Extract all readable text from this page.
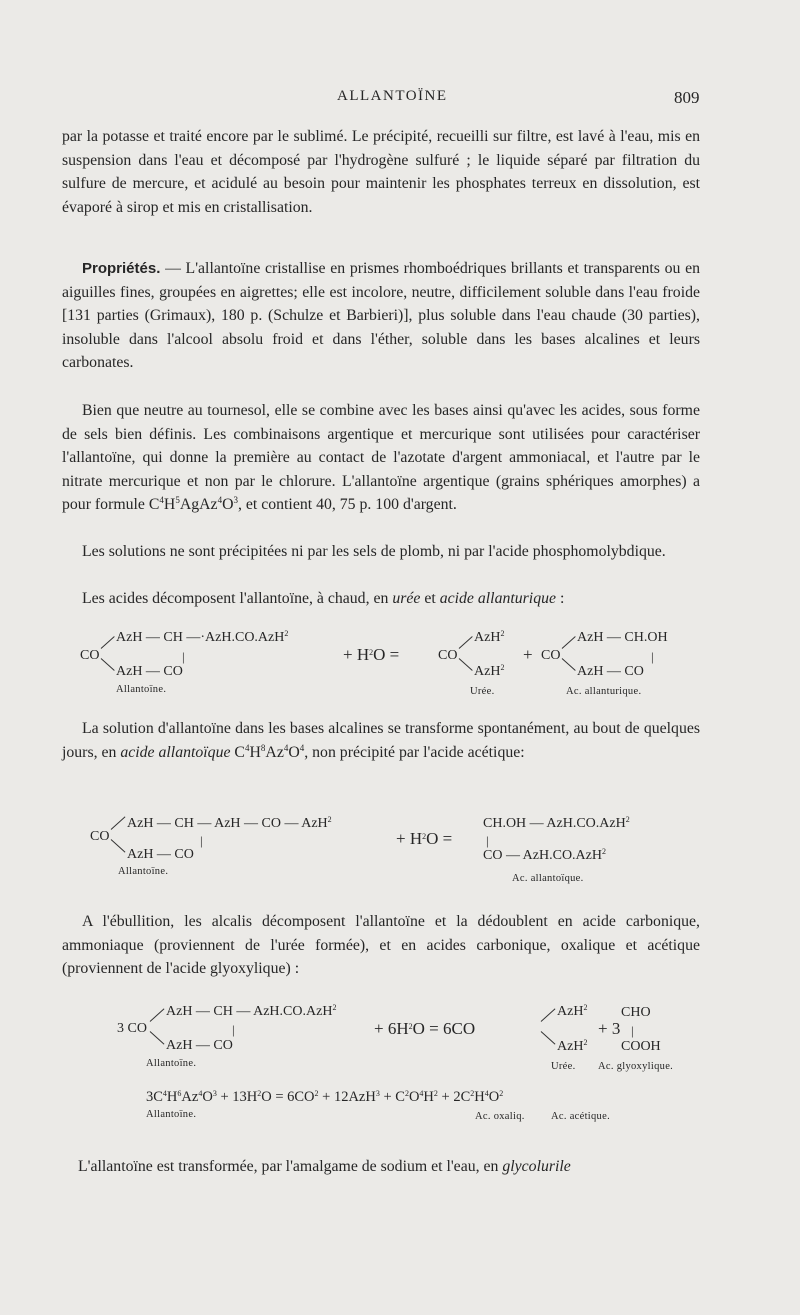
ALLANTOÏNE	809

par la potasse et traité encore par le sublimé. Le précipité, recueilli sur filtre, est lavé à l'eau, mis en suspension dans l'eau et décomposé par l'hydrogène sulfuré ; le liquide séparé par filtration du sulfure de mercure, et acidulé au besoin pour maintenir les phosphates terreux en dissolution, est évaporé à sirop et mis en cristallisation.

Propriétés. — L'allantoïne cristallise en prismes rhomboédriques brillants et transparents ou en aiguilles fines, groupées en aigrettes; elle est incolore, neutre, difficilement soluble dans l'eau froide [131 parties (Grimaux), 180 p. (Schulze et Barbieri)], plus soluble dans l'eau chaude (30 parties), insoluble dans l'alcool absolu froid et dans l'éther, soluble dans les bases alcalines et leurs carbonates.

Bien que neutre au tournesol, elle se combine avec les bases ainsi qu'avec les acides, sous forme de sels bien définis. Les combinaisons argentique et mercurique sont utilisées pour caractériser l'allantoïne, qui donne la première au contact de l'azotate d'argent ammoniacal, et l'autre par le nitrate mercurique et non par le chlorure. L'allantoïne argentique (grains sphériques amorphes) a pour formule $C^4H^5AgAz^4O^3$, et contient 40, 75 p. 100 d'argent.

Les solutions ne sont précipitées ni par les sels de plomb, ni par l'acide phosphomolybdique.

Les acides décomposent l'allantoïne, à chaud, en urée et acide allanturique :

CO
AzH — CH —·AzH.CO.AzH$^2$
|
AzH — CO
+ $H^2O$ =	CO
AzH$^2$
AzH$^2$
+ CO
AzH — CH.OH
|
AzH — CO
Allantoïne.	Urée.	Ac. allanturique.

La solution d'allantoïne dans les bases alcalines se transforme spontanément, au bout de quelques jours, en acide allantoïque $C^4H^8Az^4O^4$, non précipité par l'acide acétique:

CO
AzH — CH — AzH — CO — AzH$^2$
|
AzH — CO
+ $H^2O$ =
CH.OH — AzH.CO.AzH$^2$
|
CO — AzH.CO.AzH$^2$
Allantoïne.
Ac. allantoïque.

A l'ébullition, les alcalis décomposent l'allantoïne et la dédoublent en acide carbonique, ammoniaque (proviennent de l'urée formée), et en acides carbonique, oxalique et acétique (proviennent de l'acide glyoxylique) :

3 CO
AzH — CH — AzH.CO.AzH$^2$
|
AzH — CO
+ $6H^2O = 6CO$
AzH$^2$
AzH$^2$
CHO
+ 3 |
COOH
Allantoïne.	Urée. Ac. glyoxylique.
$3C^4H^6Az^4O^3 + 13H^2O = 6CO^2 + 12AzH^3 + C^2O^4H^2 + 2C^2H^4O^2$
Allantoïne.	Ac. oxaliq.	Ac. acétique.

L'allantoïne est transformée, par l'amalgame de sodium et l'eau, en glycolurile
